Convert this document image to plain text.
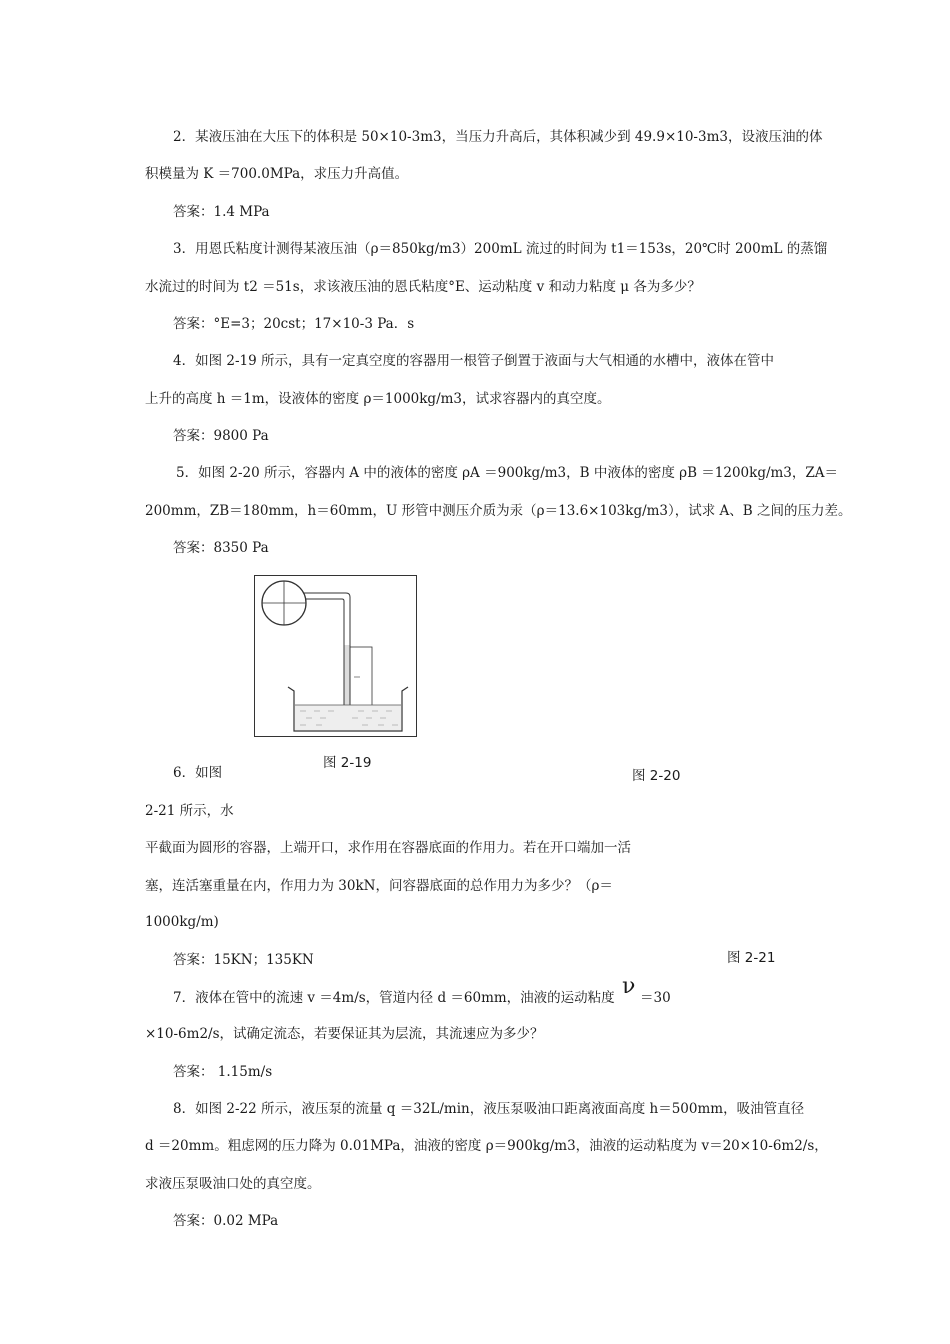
2．某液压油在大压下的体积是 50×10-3m3，当压力升高后，其体积减少到 49.9×10-3m3，设液压油的体
积模量为 K ＝700.0MPa，求压力升高值。
答案：1.4 MPa
3．用恩氏粘度计测得某液压油（ρ＝850kg/m3）200mL 流过的时间为 t1＝153s，20℃时 200mL 的蒸馏
水流过的时间为 t2 ＝51s，求该液压油的恩氏粘度°E、运动粘度 v 和动力粘度 μ 各为多少？
答案：°E=3；20cst；17×10-3 Pa．s
4．如图 2-19 所示，具有一定真空度的容器用一根管子倒置于液面与大气相通的水槽中，液体在管中
上升的高度 h ＝1m，设液体的密度 ρ＝1000kg/m3，试求容器内的真空度。
答案：9800 Pa
5．如图 2-20 所示，容器内 A 中的液体的密度 ρA ＝900kg/m3，B 中液体的密度 ρB ＝1200kg/m3，ZA＝
200mm，ZB＝180mm，h＝60mm，U 形管中测压介质为汞（ρ＝13.6×103kg/m3），试求 A、B 之间的压力差。
答案：8350 Pa
图 2-19
图 2-20
6．如图
2-21 所示，水
平截面为圆形的容器，上端开口，求作用在容器底面的作用力。若在开口端加一活
塞，连活塞重量在内，作用力为 30kN，问容器底面的总作用力为多少？（ρ＝
1000kg/m)
图 2-21
答案：15KN；135KN
7．液体在管中的流速 v ＝4m/s，管道内径 d ＝60mm，油液的运动粘度 ν ＝30
×10-6m2/s，试确定流态，若要保证其为层流，其流速应为多少？
答案： 1.15m/s
8．如图 2-22 所示，液压泵的流量 q ＝32L/min，液压泵吸油口距离液面高度 h＝500mm，吸油管直径
d ＝20mm。粗虑网的压力降为 0.01MPa，油液的密度 ρ＝900kg/m3，油液的运动粘度为 v＝20×10-6m2/s，
求液压泵吸油口处的真空度。
答案：0.02 MPa
